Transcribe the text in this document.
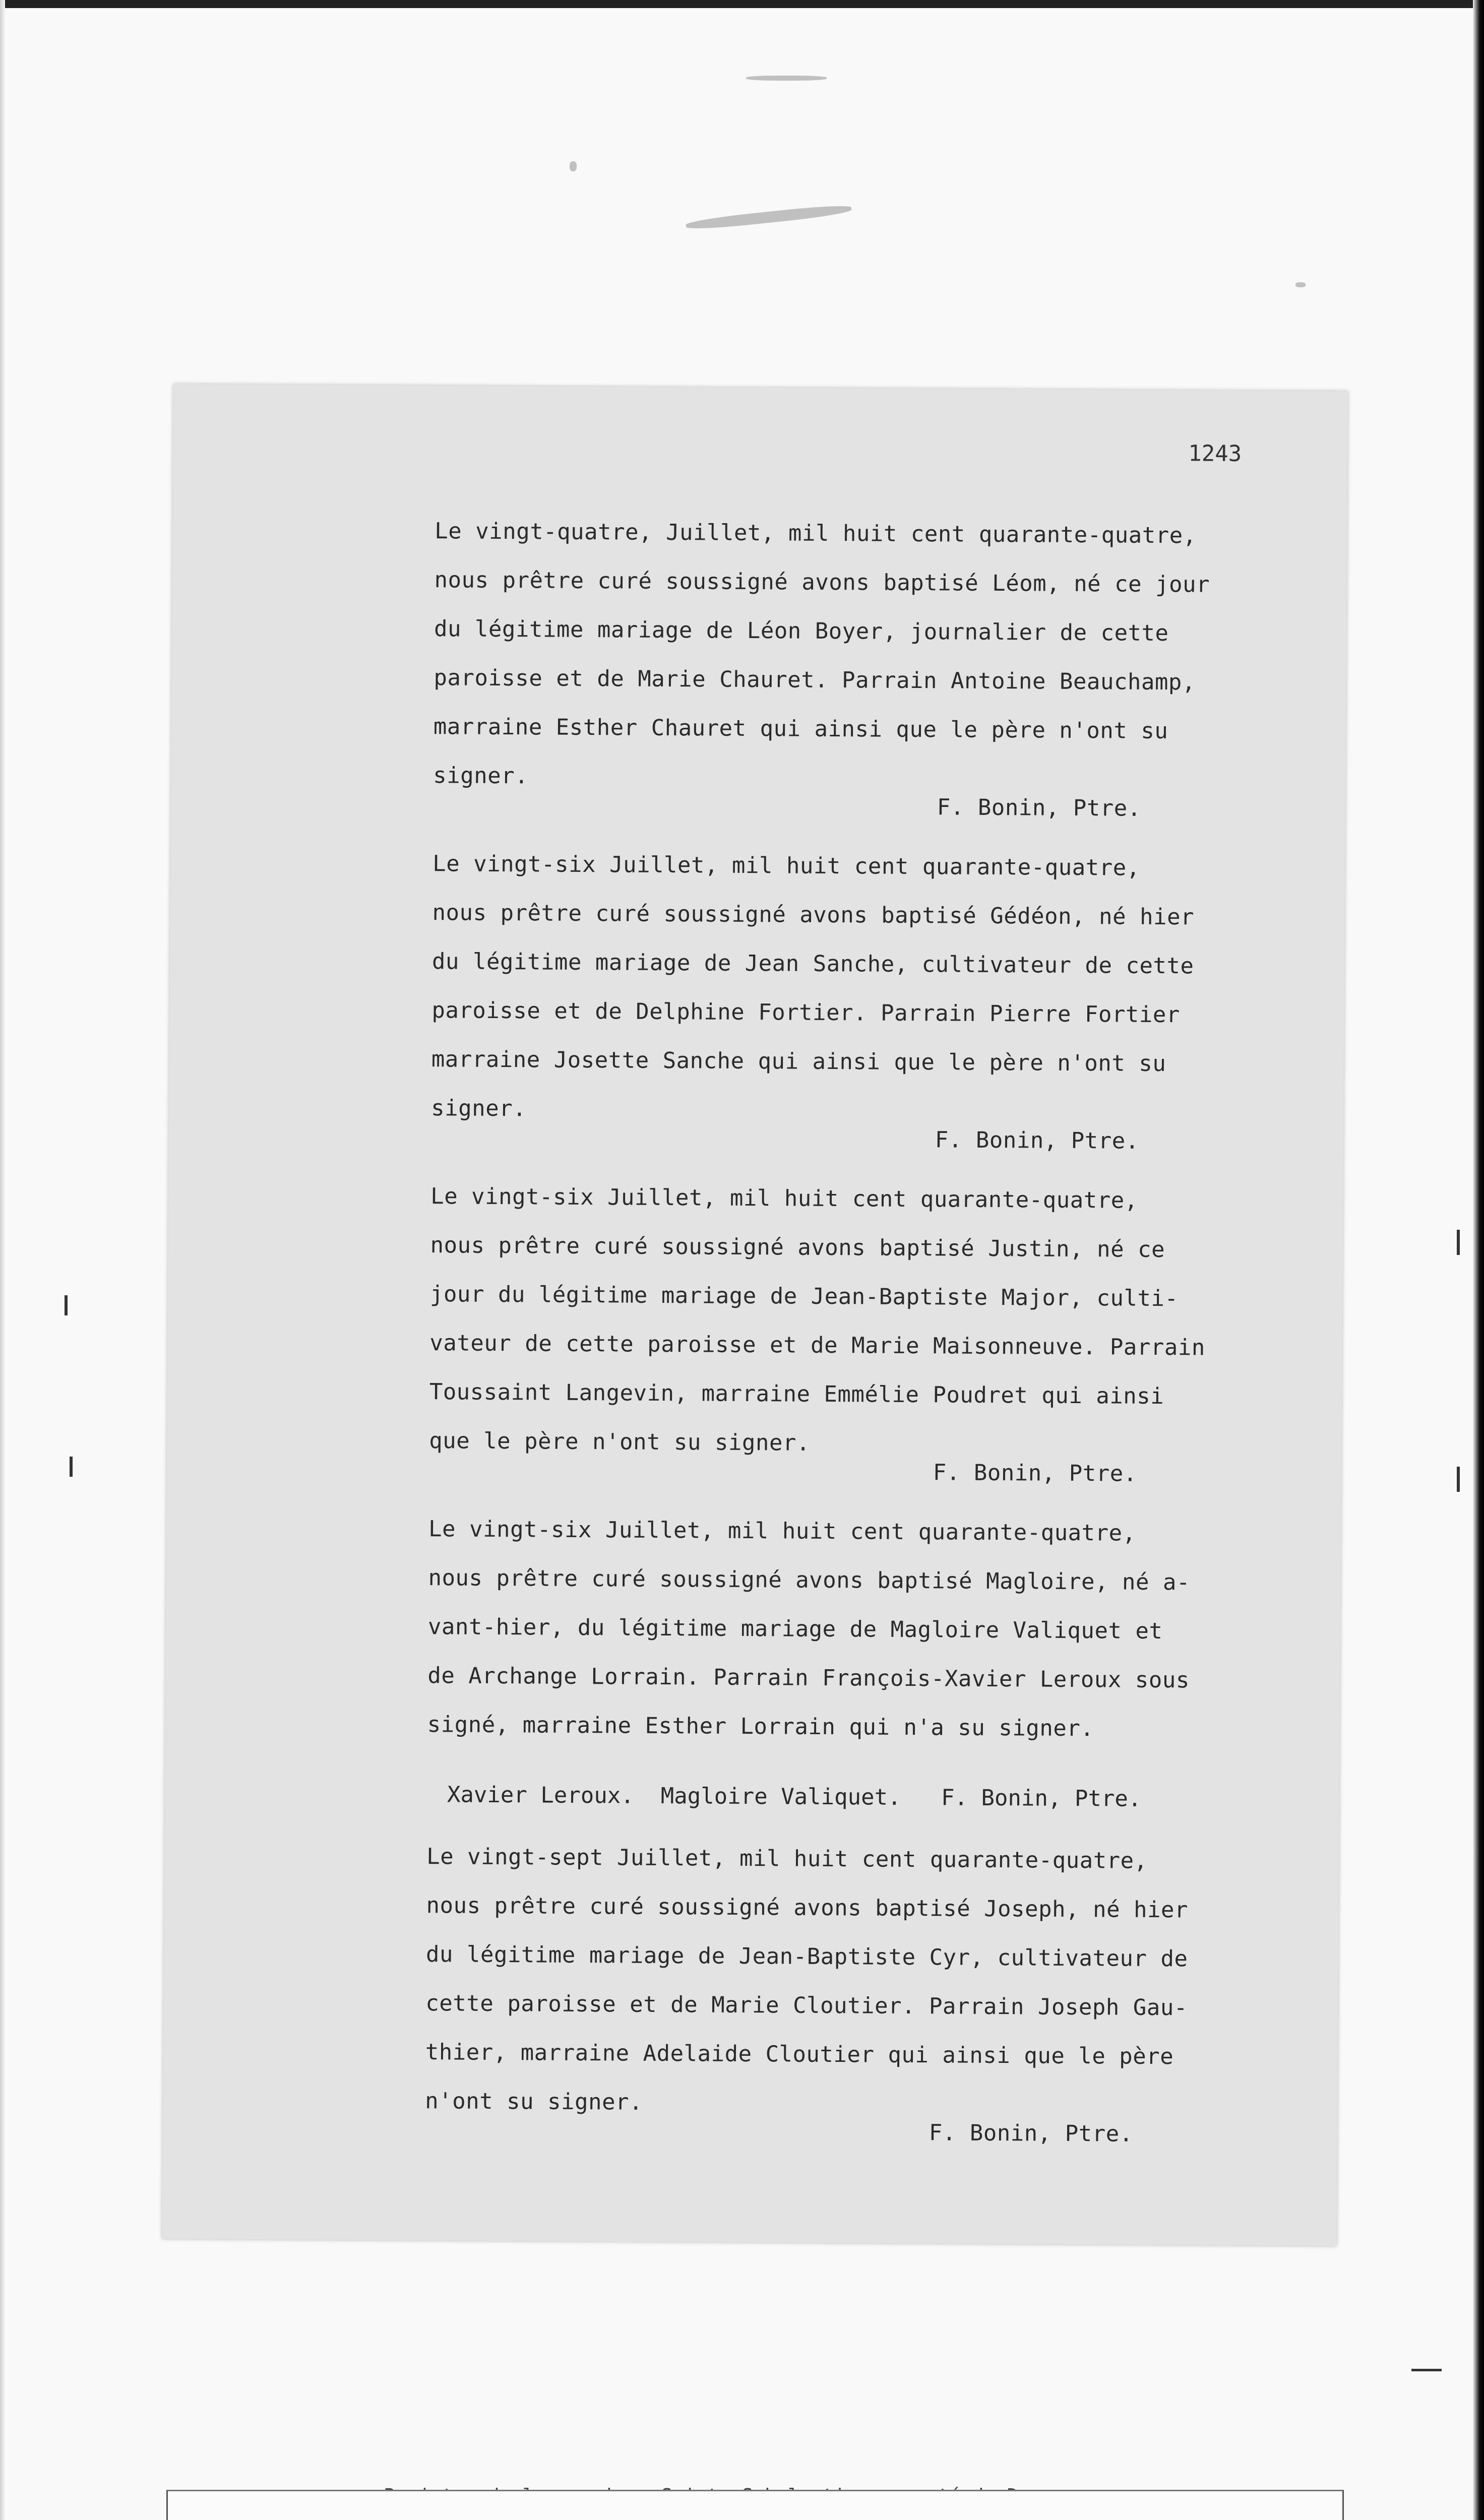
1243
Le vingt-quatre, Juillet, mil huit cent quarante-quatre,
nous prêtre curé soussigné avons baptisé Léom, né ce jour
du légitime mariage de Léon Boyer, journalier de cette
paroisse et de Marie Chauret. Parrain Antoine Beauchamp,
marraine Esther Chauret qui ainsi que le père n'ont su
signer.
F. Bonin, Ptre.
Le vingt-six Juillet, mil huit cent quarante-quatre,
nous prêtre curé soussigné avons baptisé Gédéon, né hier
du légitime mariage de Jean Sanche, cultivateur de cette
paroisse et de Delphine Fortier. Parrain Pierre Fortier
marraine Josette Sanche qui ainsi que le père n'ont su
signer.
F. Bonin, Ptre.
Le vingt-six Juillet, mil huit cent quarante-quatre,
nous prêtre curé soussigné avons baptisé Justin, né ce
jour du légitime mariage de Jean-Baptiste Major, culti-
vateur de cette paroisse et de Marie Maisonneuve. Parrain
Toussaint Langevin, marraine Emmélie Poudret qui ainsi
que le père n'ont su signer.
F. Bonin, Ptre.
Le vingt-six Juillet, mil huit cent quarante-quatre,
nous prêtre curé soussigné avons baptisé Magloire, né a-
vant-hier, du légitime mariage de Magloire Valiquet et
de Archange Lorrain. Parrain François-Xavier Leroux sous
signé, marraine Esther Lorrain qui n'a su signer.
Xavier Leroux.  Magloire Valiquet.   F. Bonin, Ptre.
Le vingt-sept Juillet, mil huit cent quarante-quatre,
nous prêtre curé soussigné avons baptisé Joseph, né hier
du légitime mariage de Jean-Baptiste Cyr, cultivateur de
cette paroisse et de Marie Cloutier. Parrain Joseph Gau-
thier, marraine Adelaide Cloutier qui ainsi que le père
n'ont su signer.
F. Bonin, Ptre.
